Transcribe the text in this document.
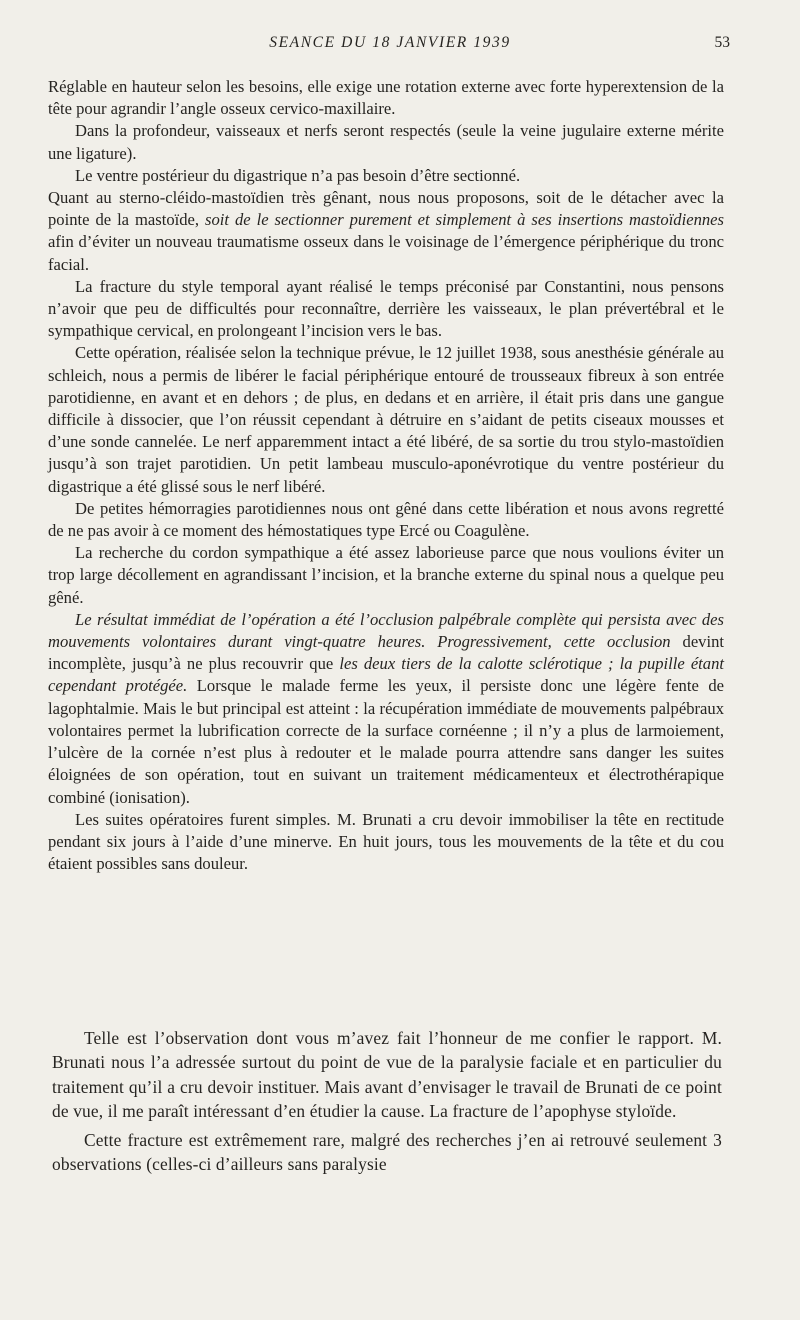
SEANCE DU 18 JANVIER 1939	53

Réglable en hauteur selon les besoins, elle exige une rotation externe avec forte hyperextension de la tête pour agrandir l’angle osseux cervico-maxillaire.

Dans la profondeur, vaisseaux et nerfs seront respectés (seule la veine jugulaire externe mérite une ligature).

Le ventre postérieur du digastrique n’a pas besoin d’être sectionné.

Quant au sterno-cléido-mastoïdien très gênant, nous nous proposons, soit de le détacher avec la pointe de la mastoïde, soit de le sectionner purement et simplement à ses insertions mastoïdiennes afin d’éviter un nouveau traumatisme osseux dans le voisinage de l’émergence périphérique du tronc facial.

La fracture du style temporal ayant réalisé le temps préconisé par Constantini, nous pensons n’avoir que peu de difficultés pour reconnaître, derrière les vaisseaux, le plan prévertébral et le sympathique cervical, en prolongeant l’incision vers le bas.

Cette opération, réalisée selon la technique prévue, le 12 juillet 1938, sous anesthésie générale au schleich, nous a permis de libérer le facial périphérique entouré de trousseaux fibreux à son entrée parotidienne, en avant et en dehors ; de plus, en dedans et en arrière, il était pris dans une gangue difficile à dissocier, que l’on réussit cependant à détruire en s’aidant de petits ciseaux mousses et d’une sonde cannelée. Le nerf apparemment intact a été libéré, de sa sortie du trou stylo-mastoïdien jusqu’à son trajet parotidien. Un petit lambeau musculo-aponévrotique du ventre postérieur du digastrique a été glissé sous le nerf libéré.

De petites hémorragies parotidiennes nous ont gêné dans cette libération et nous avons regretté de ne pas avoir à ce moment des hémostatiques type Ercé ou Coagulène.

La recherche du cordon sympathique a été assez laborieuse parce que nous voulions éviter un trop large décollement en agrandissant l’incision, et la branche externe du spinal nous a quelque peu gêné.

Le résultat immédiat de l’opération a été l’occlusion palpébrale complète qui persista avec des mouvements volontaires durant vingt-quatre heures. Progressivement, cette occlusion devint incomplète, jusqu’à ne plus recouvrir que les deux tiers de la calotte sclérotique ; la pupille étant cependant protégée. Lorsque le malade ferme les yeux, il persiste donc une légère fente de lagophtalmie. Mais le but principal est atteint : la récupération immédiate de mouvements palpébraux volontaires permet la lubrification correcte de la surface cornéenne ; il n’y a plus de larmoiement, l’ulcère de la cornée n’est plus à redouter et le malade pourra attendre sans danger les suites éloignées de son opération, tout en suivant un traitement médicamenteux et électrothérapique combiné (ionisation).

Les suites opératoires furent simples. M. Brunati a cru devoir immobiliser la tête en rectitude pendant six jours à l’aide d’une minerve. En huit jours, tous les mouvements de la tête et du cou étaient possibles sans douleur.

Telle est l’observation dont vous m’avez fait l’honneur de me confier le rapport. M. Brunati nous l’a adressée surtout du point de vue de la paralysie faciale et en particulier du traitement qu’il a cru devoir instituer. Mais avant d’envisager le travail de Brunati de ce point de vue, il me paraît intéressant d’en étudier la cause. La fracture de l’apophyse styloïde.

Cette fracture est extrêmement rare, malgré des recherches j’en ai retrouvé seulement 3 observations (celles-ci d’ailleurs sans paralysie
